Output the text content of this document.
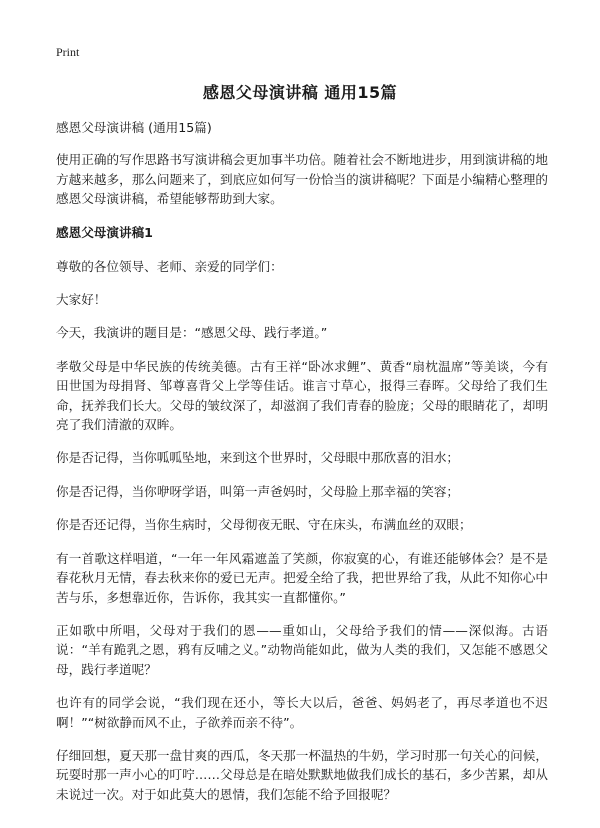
Print
感恩父母演讲稿 通用15篇

感恩父母演讲稿 (通用15篇)

使用正确的写作思路书写演讲稿会更加事半功倍。随着社会不断地进步，用到演讲稿的地方越来越多，那么问题来了，到底应如何写一份恰当的演讲稿呢？下面是小编精心整理的感恩父母演讲稿，希望能够帮助到大家。

感恩父母演讲稿1

尊敬的各位领导、老师、亲爱的同学们：

大家好！

今天，我演讲的题目是：“感恩父母、践行孝道。”

孝敬父母是中华民族的传统美德。古有王祥“卧冰求鲤”、黄香“扇枕温席”等美谈，今有田世国为母捐肾、邹尊喜背父上学等佳话。谁言寸草心，报得三春晖。父母给了我们生命，抚养我们长大。父母的皱纹深了，却滋润了我们青春的脸庞；父母的眼睛花了，却明亮了我们清澈的双眸。

你是否记得，当你呱呱坠地，来到这个世界时，父母眼中那欣喜的泪水；

你是否记得，当你咿呀学语，叫第一声爸妈时，父母脸上那幸福的笑容；

你是否还记得，当你生病时，父母彻夜无眠、守在床头，布满血丝的双眼；

有一首歌这样唱道，“一年一年风霜遮盖了笑颜，你寂寞的心，有谁还能够体会？是不是春花秋月无情，春去秋来你的爱已无声。把爱全给了我，把世界给了我，从此不知你心中苦与乐，多想靠近你，告诉你，我其实一直都懂你。”

正如歌中所唱，父母对于我们的恩——重如山，父母给予我们的情——深似海。古语说：“羊有跪乳之恩，鸦有反哺之义。”动物尚能如此，做为人类的我们，又怎能不感恩父母，践行孝道呢？

也许有的同学会说，“我们现在还小，等长大以后，爸爸、妈妈老了，再尽孝道也不迟啊！”“树欲静而风不止，子欲养而亲不待”。

仔细回想，夏天那一盘甘爽的西瓜，冬天那一杯温热的牛奶，学习时那一句关心的问候，玩耍时那一声小心的叮咛……父母总是在暗处默默地做我们成长的基石，多少苦累，却从未说过一次。对于如此莫大的恩情，我们怎能不给予回报呢？
